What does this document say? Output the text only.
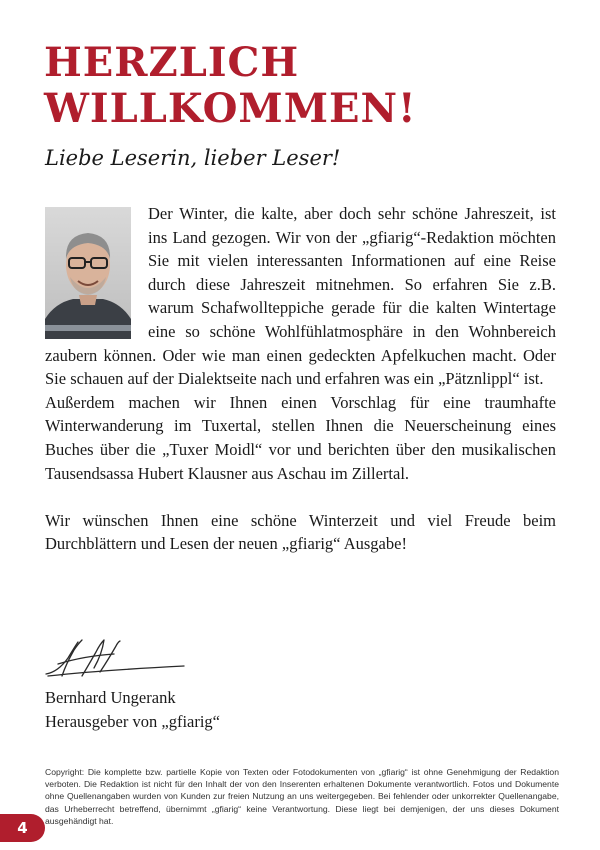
HERZLICH
WILLKOMMEN!
Liebe Leserin, lieber Leser!

Der Winter, die kalte, aber doch sehr schöne Jahreszeit, ist ins Land gezogen. Wir von der „gfiarig“-Redaktion möchten Sie mit vielen interessanten Informationen auf eine Reise durch diese Jahreszeit mitnehmen. So erfahren Sie z.B. warum Schafwollteppiche gerade für die kalten Wintertage eine so schöne Wohlfühlatmosphäre in den Wohnbereich zaubern können. Oder wie man einen gedeckten Apfelkuchen macht. Oder Sie schauen auf der Dialektseite nach und erfahren was ein „Pätznlippl“ ist.

Außerdem machen wir Ihnen einen Vorschlag für eine traumhafte Winterwanderung im Tuxertal, stellen Ihnen die Neuerscheinung eines Buches über die „Tuxer Moidl“ vor und berichten über den musikalischen Tausendsassa Hubert Klausner aus Aschau im Zillertal.

Wir wünschen Ihnen eine schöne Winterzeit und viel Freude beim Durchblättern und Lesen der neuen „gfiarig“ Ausgabe!

Bernhard Ungerank
Herausgeber von „gfiarig“

Copyright: Die komplette bzw. partielle Kopie von Texten oder Fotodokumenten von „gfiarig“ ist ohne Genehmigung der Redaktion verboten. Die Redaktion ist nicht für den Inhalt der von den Inserenten erhaltenen Dokumente verantwortlich. Fotos und Dokumente ohne Quellenangaben wurden von Kunden zur freien Nutzung an uns weitergegeben. Bei fehlender oder unkorrekter Quellenangabe, das Urheberrecht betreffend, übernimmt „gfiarig“ keine Verantwortung. Diese liegt bei demjenigen, der uns dieses Dokument ausgehändigt hat.

4
